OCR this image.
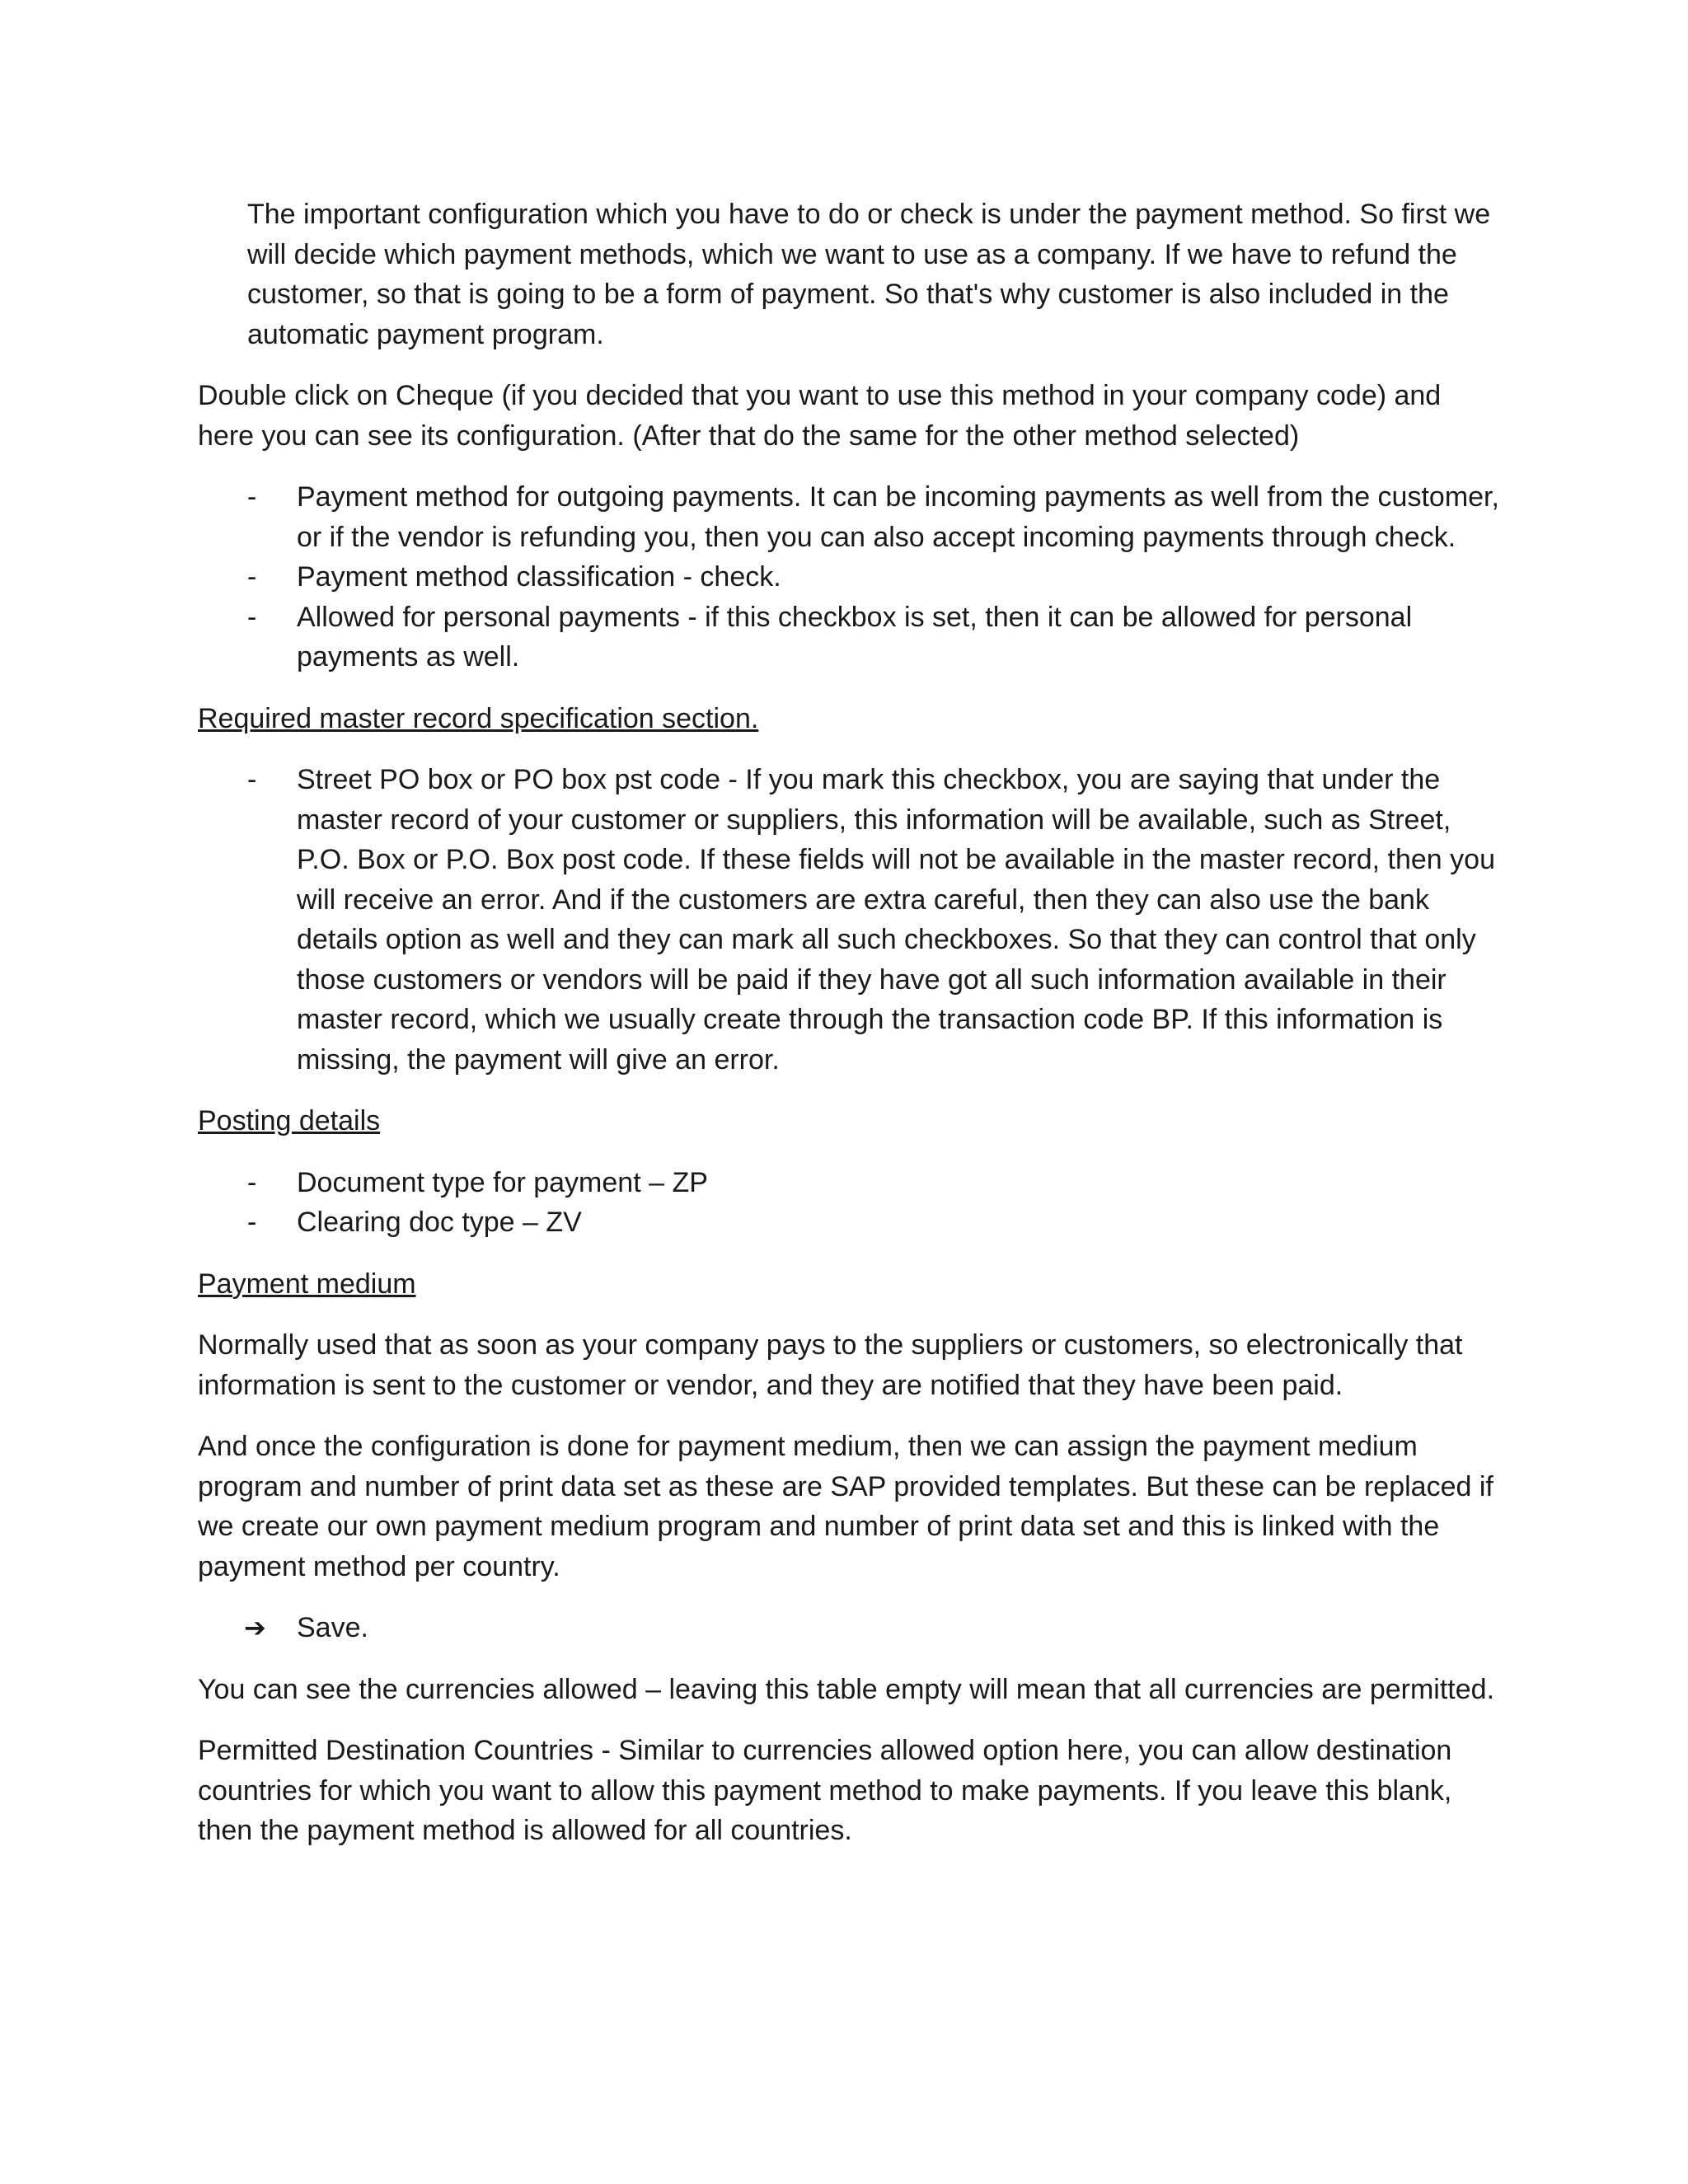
The important configuration which you have to do or check is under the payment method. So first we will decide which payment methods, which we want to use as a company. If we have to refund the customer, so that is going to be a form of payment. So that's why customer is also included in the automatic payment program.

Double click on Cheque (if you decided that you want to use this method in your company code) and here you can see its configuration. (After that do the same for the other method selected)

- Payment method for outgoing payments. It can be incoming payments as well from the customer, or if the vendor is refunding you, then you can also accept incoming payments through check.
- Payment method classification - check.
- Allowed for personal payments - if this checkbox is set, then it can be allowed for personal payments as well.

Required master record specification section.

- Street PO box or PO box pst code - If you mark this checkbox, you are saying that under the master record of your customer or suppliers, this information will be available, such as Street, P.O. Box or P.O. Box post code. If these fields will not be available in the master record, then you will receive an error. And if the customers are extra careful, then they can also use the bank details option as well and they can mark all such checkboxes. So that they can control that only those customers or vendors will be paid if they have got all such information available in their master record, which we usually create through the transaction code BP. If this information is missing, the payment will give an error.

Posting details

- Document type for payment – ZP
- Clearing doc type – ZV

Payment medium

Normally used that as soon as your company pays to the suppliers or customers, so electronically that information is sent to the customer or vendor, and they are notified that they have been paid.

And once the configuration is done for payment medium, then we can assign the payment medium program and number of print data set as these are SAP provided templates. But these can be replaced if we create our own payment medium program and number of print data set and this is linked with the payment method per country.

➔ Save.

You can see the currencies allowed – leaving this table empty will mean that all currencies are permitted.

Permitted Destination Countries - Similar to currencies allowed option here, you can allow destination countries for which you want to allow this payment method to make payments. If you leave this blank, then the payment method is allowed for all countries.
